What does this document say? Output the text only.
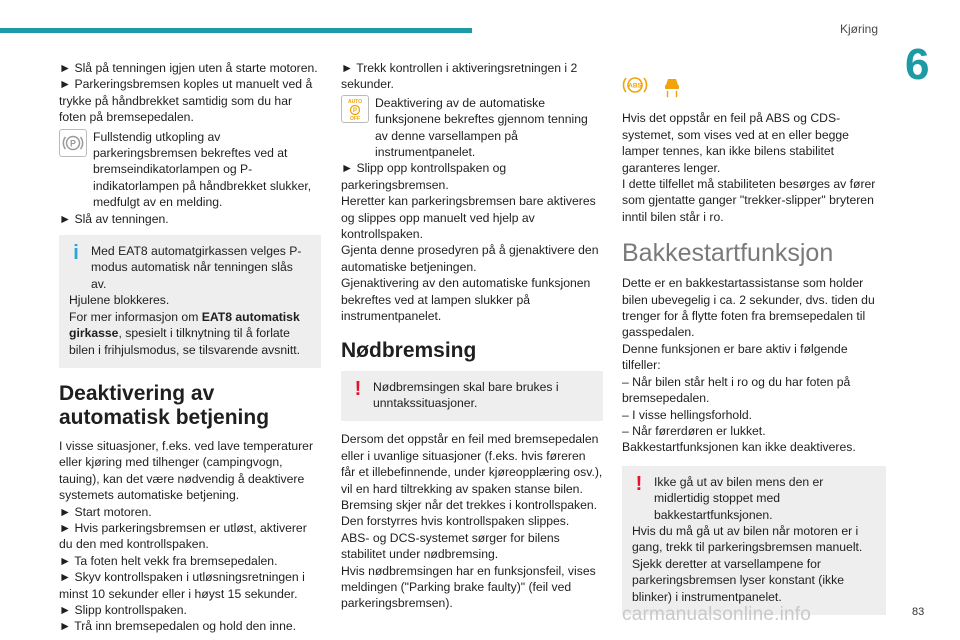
Kjøring
6

► Slå på tenningen igjen uten å starte motoren.

► Parkeringsbremsen koples ut manuelt ved å trykke på håndbrekket samtidig som du har foten på bremsepedalen.

P Fullstendig utkopling av parkeringsbremsen bekreftes ved at bremseindikatorlampen og P-indikatorlampen på håndbrekket slukker, medfulgt av en melding.

► Slå av tenningen.

i	Med EAT8 automatgirkassen velges P-modus automatisk når tenningen slås av.

Hjulene blokkeres.

For mer informasjon om EAT8 automatisk girkasse, spesielt i tilknytning til å forlate bilen i frihjulsmodus, se tilsvarende avsnitt.

Deaktivering av automatisk betjening

I visse situasjoner, f.eks. ved lave temperaturer eller kjøring med tilhenger (campingvogn, tauing), kan det være nødvendig å deaktivere systemets automatiske betjening.

► Start motoren.

► Hvis parkeringsbremsen er utløst, aktiverer du den med kontrollspaken.

► Ta foten helt vekk fra bremsepedalen.

► Skyv kontrollspaken i utløsningsretningen i minst 10 sekunder eller i høyst 15 sekunder.

► Slipp kontrollspaken.

► Trå inn bremsepedalen og hold den inne.

► Trekk kontrollen i aktiveringsretningen i 2 sekunder.

AUTO
P
OFF

Deaktivering av de automatiske funksjonene bekreftes gjennom tenning av denne varsellampen på instrumentpanelet.

► Slipp opp kontrollspaken og parkeringsbremsen.

Heretter kan parkeringsbremsen bare aktiveres og slippes opp manuelt ved hjelp av kontrollspaken.

Gjenta denne prosedyren på å gjenaktivere den automatiske betjeningen.

Gjenaktivering av den automatiske funksjonen bekreftes ved at lampen slukker på instrumentpanelet.

Nødbremsing
! Nødbremsingen skal bare brukes i unntakssituasjoner.

Dersom det oppstår en feil med bremsepedalen eller i uvanlige situasjoner (f.eks. hvis føreren får et illebefinnende, under kjøreopplæring osv.), vil en hard tiltrekking av spaken stanse bilen.

Bremsing skjer når det trekkes i kontrollspaken.

Den forstyrres hvis kontrollspaken slippes.

ABS- og DCS-systemet sørger for bilens stabilitet under nødbremsing.

Hvis nødbremsingen har en funksjonsfeil, vises meldingen ("Parking brake faulty)" (feil ved parkeringsbremsen).

ABS

Hvis det oppstår en feil på ABS og CDS-systemet, som vises ved at en eller begge lamper tennes, kan ikke bilens stabilitet garanteres lenger.

I dette tilfellet må stabiliteten besørges av fører som gjentatte ganger "trekker-slipper" bryteren inntil bilen står i ro.

Bakkestartfunksjon

Dette er en bakkestartassistanse som holder bilen ubevegelig i ca. 2 sekunder, dvs. tiden du trenger for å flytte foten fra bremsepedalen til gasspedalen.

Denne funksjonen er bare aktiv i følgende tilfeller:

– Når bilen står helt i ro og du har foten på bremsepedalen.

– I visse hellingsforhold.

– Når førerdøren er lukket.

Bakkestartfunksjonen kan ikke deaktiveres.

! Ikke gå ut av bilen mens den er midlertidig stoppet med bakkestartfunksjonen.

Hvis du må gå ut av bilen når motoren er i gang, trekk til parkeringsbremsen manuelt. Sjekk deretter at varsellampene for parkeringsbremsen lyser konstant (ikke blinker) i instrumentpanelet.

carmanualsonline.info	83
